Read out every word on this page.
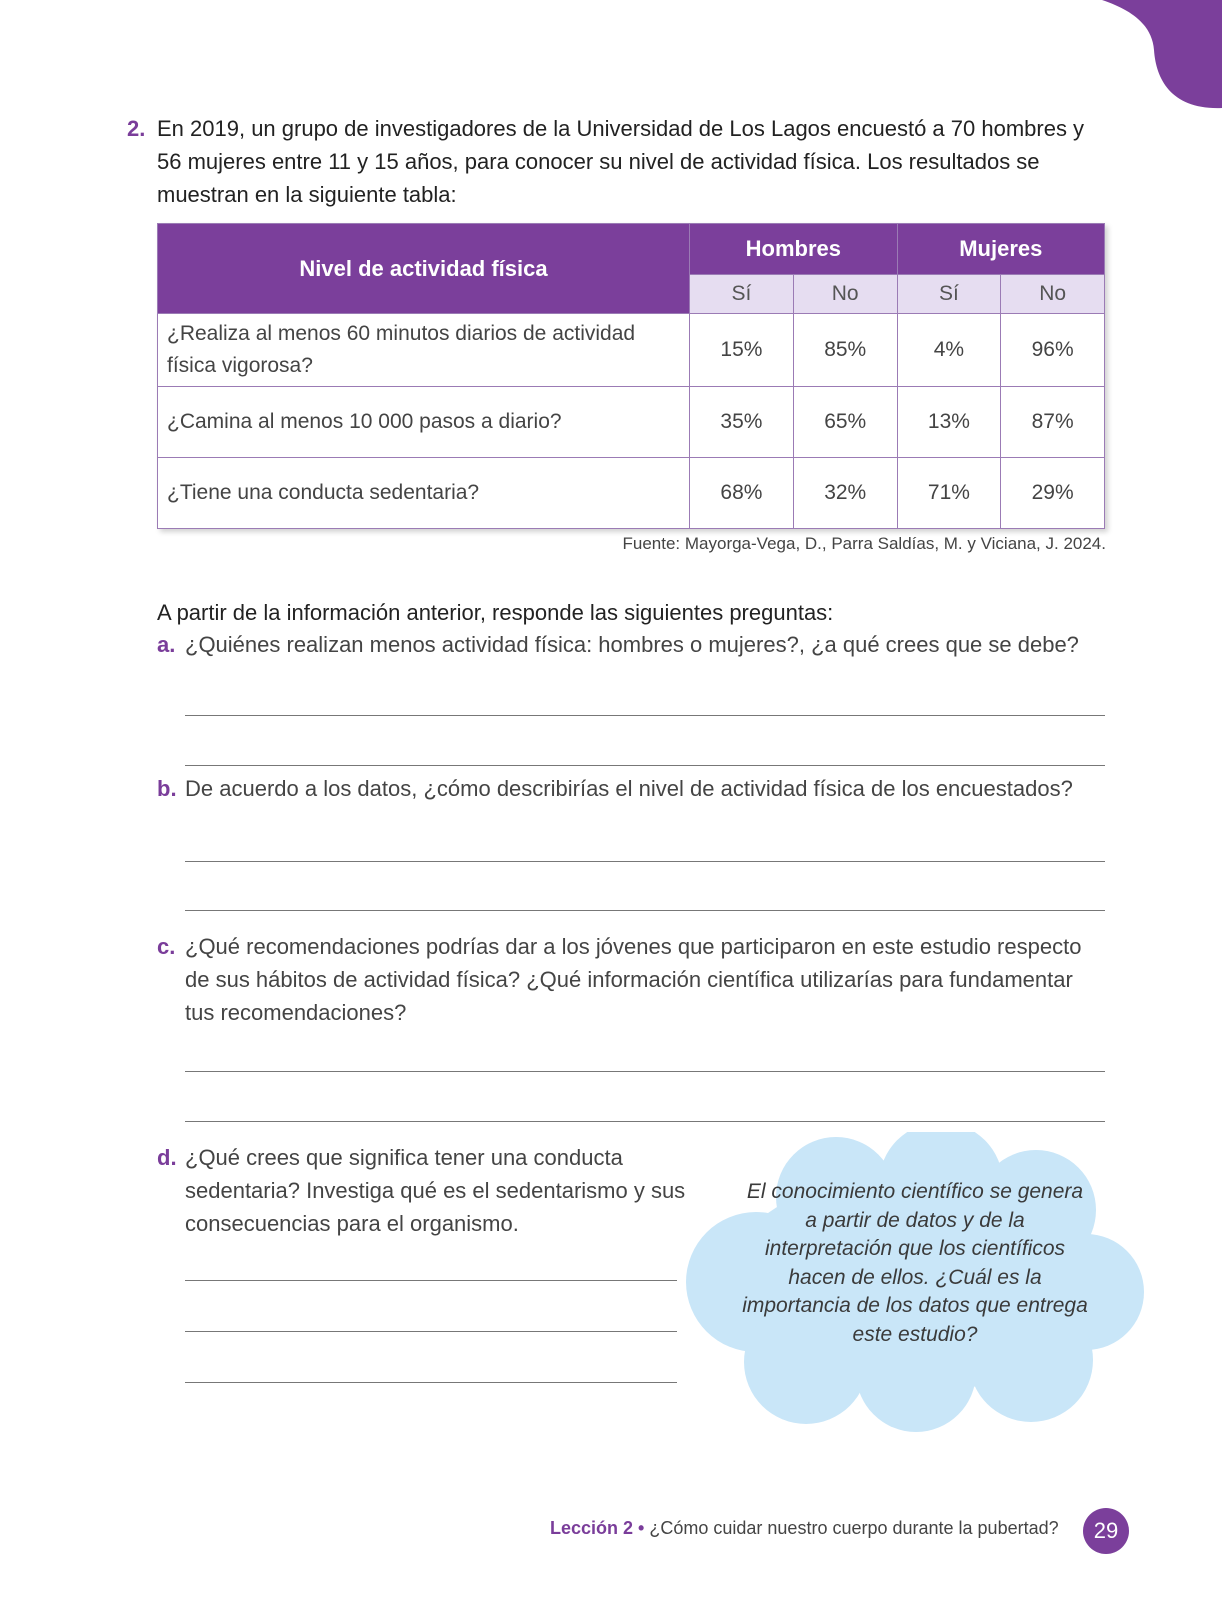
2. En 2019, un grupo de investigadores de la Universidad de Los Lagos encuestó a 70 hombres y 56 mujeres entre 11 y 15 años, para conocer su nivel de actividad física. Los resultados se muestran en la siguiente tabla:
Nivel de actividad física	Hombres		Mujeres	
	Sí	No	Sí	No
¿Realiza al menos 60 minutos diarios de actividad física vigorosa?	15%	85%	4%	96%
¿Camina al menos 10 000 pasos a diario?	35%	65%	13%	87%
¿Tiene una conducta sedentaria?	68%	32%	71%	29%
Fuente: Mayorga-Vega, D., Parra Saldías, M. y Viciana, J. 2024.
A partir de la información anterior, responde las siguientes preguntas:
a. ¿Quiénes realizan menos actividad física: hombres o mujeres?, ¿a qué crees que se debe?
b. De acuerdo a los datos, ¿cómo describirías el nivel de actividad física de los encuestados?
c. ¿Qué recomendaciones podrías dar a los jóvenes que participaron en este estudio respecto de sus hábitos de actividad física? ¿Qué información científica utilizarías para fundamentar tus recomendaciones?
d. ¿Qué crees que significa tener una conducta sedentaria? Investiga qué es el sedentarismo y sus consecuencias para el organismo.
El conocimiento científico se genera a partir de datos y de la interpretación que los científicos hacen de ellos. ¿Cuál es la importancia de los datos que entrega este estudio?
Lección 2 • ¿Cómo cuidar nuestro cuerpo durante la pubertad?	29
